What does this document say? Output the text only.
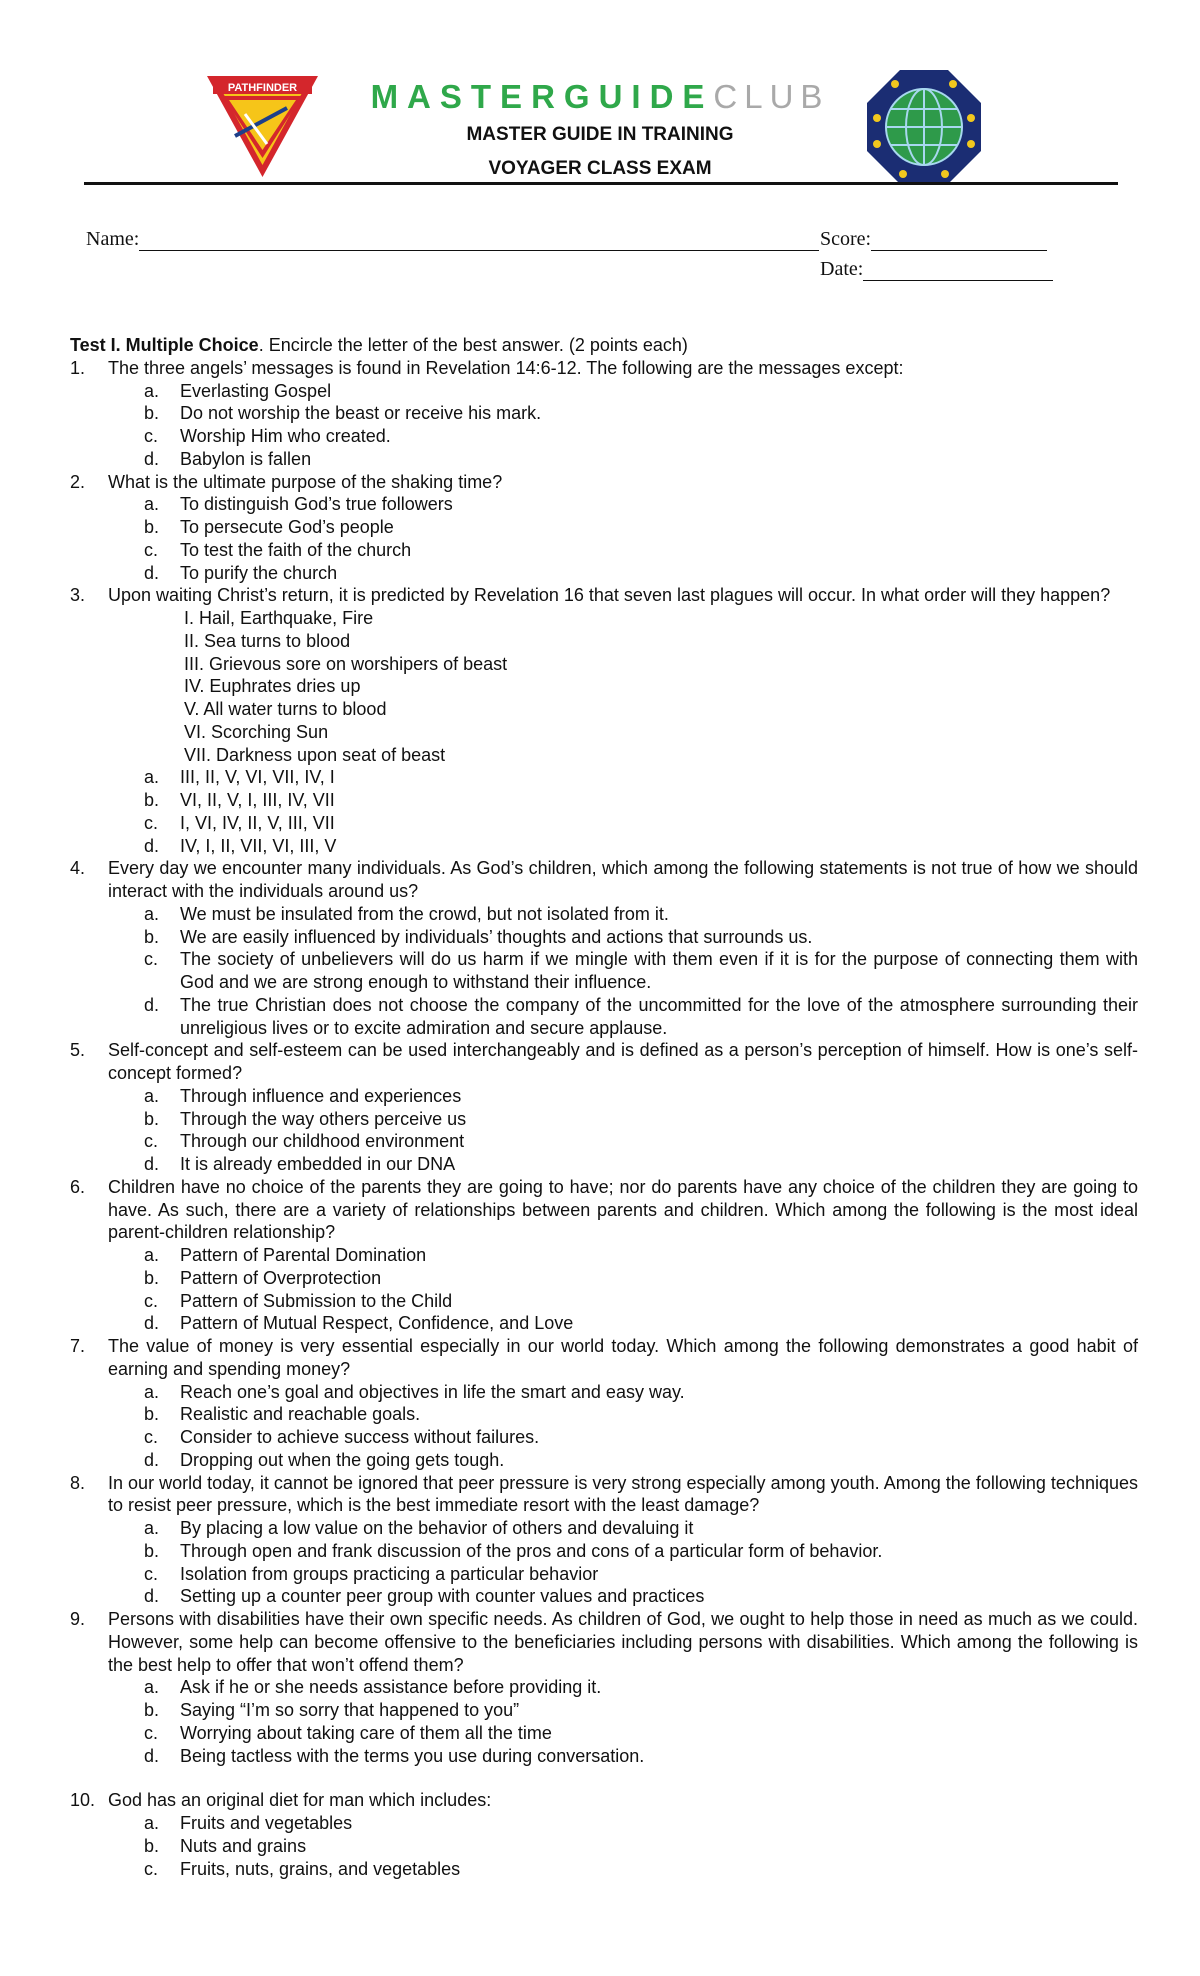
PATHFINDER	MASTERGUIDECLUB
MASTER GUIDE IN TRAINING
VOYAGER CLASS EXAM
Name:	Score:
Date:
Test I. Multiple Choice. Encircle the letter of the best answer. (2 points each)
1.	The three angels’ messages is found in Revelation 14:6-12. The following are the messages except:
a.	Everlasting Gospel
b.	Do not worship the beast or receive his mark.
c.	Worship Him who created.
d.	Babylon is fallen
2.	What is the ultimate purpose of the shaking time?
a.	To distinguish God’s true followers
b.	To persecute God’s people
c.	To test the faith of the church
d.	To purify the church
3.	Upon waiting Christ’s return, it is predicted by Revelation 16 that seven last plagues will occur. In what order will they happen?
I. Hail, Earthquake, Fire
II. Sea turns to blood
III. Grievous sore on worshipers of beast
IV. Euphrates dries up
V. All water turns to blood
VI. Scorching Sun
VII. Darkness upon seat of beast
a.	III, II, V, VI, VII, IV, I
b.	VI, II, V, I, III, IV, VII
c.	I, VI, IV, II, V, III, VII
d.	IV, I, II, VII, VI, III, V
4.	Every day we encounter many individuals. As God’s children, which among the following statements is not true of how we should interact with the individuals around us?
a.	We must be insulated from the crowd, but not isolated from it.
b.	We are easily influenced by individuals’ thoughts and actions that surrounds us.
c.	The society of unbelievers will do us harm if we mingle with them even if it is for the purpose of connecting them with God and we are strong enough to withstand their influence.
d.	The true Christian does not choose the company of the uncommitted for the love of the atmosphere surrounding their unreligious lives or to excite admiration and secure applause.
5.	Self-concept and self-esteem can be used interchangeably and is defined as a person’s perception of himself. How is one’s self-concept formed?
a.	Through influence and experiences
b.	Through the way others perceive us
c.	Through our childhood environment
d.	It is already embedded in our DNA
6.	Children have no choice of the parents they are going to have; nor do parents have any choice of the children they are going to have. As such, there are a variety of relationships between parents and children. Which among the following is the most ideal parent-children relationship?
a.	Pattern of Parental Domination
b.	Pattern of Overprotection
c.	Pattern of Submission to the Child
d.	Pattern of Mutual Respect, Confidence, and Love
7.	The value of money is very essential especially in our world today. Which among the following demonstrates a good habit of earning and spending money?
a.	Reach one’s goal and objectives in life the smart and easy way.
b.	Realistic and reachable goals.
c.	Consider to achieve success without failures.
d.	Dropping out when the going gets tough.
8.	In our world today, it cannot be ignored that peer pressure is very strong especially among youth. Among the following techniques to resist peer pressure, which is the best immediate resort with the least damage?
a.	By placing a low value on the behavior of others and devaluing it
b.	Through open and frank discussion of the pros and cons of a particular form of behavior.
c.	Isolation from groups practicing a particular behavior
d.	Setting up a counter peer group with counter values and practices
9.	Persons with disabilities have their own specific needs. As children of God, we ought to help those in need as much as we could. However, some help can become offensive to the beneficiaries including persons with disabilities. Which among the following is the best help to offer that won’t offend them?
a.	Ask if he or she needs assistance before providing it.
b.	Saying “I’m so sorry that happened to you”
c.	Worrying about taking care of them all the time
d.	Being tactless with the terms you use during conversation.
10. God has an original diet for man which includes:
a.	Fruits and vegetables
b.	Nuts and grains
c.	Fruits, nuts, grains, and vegetables
